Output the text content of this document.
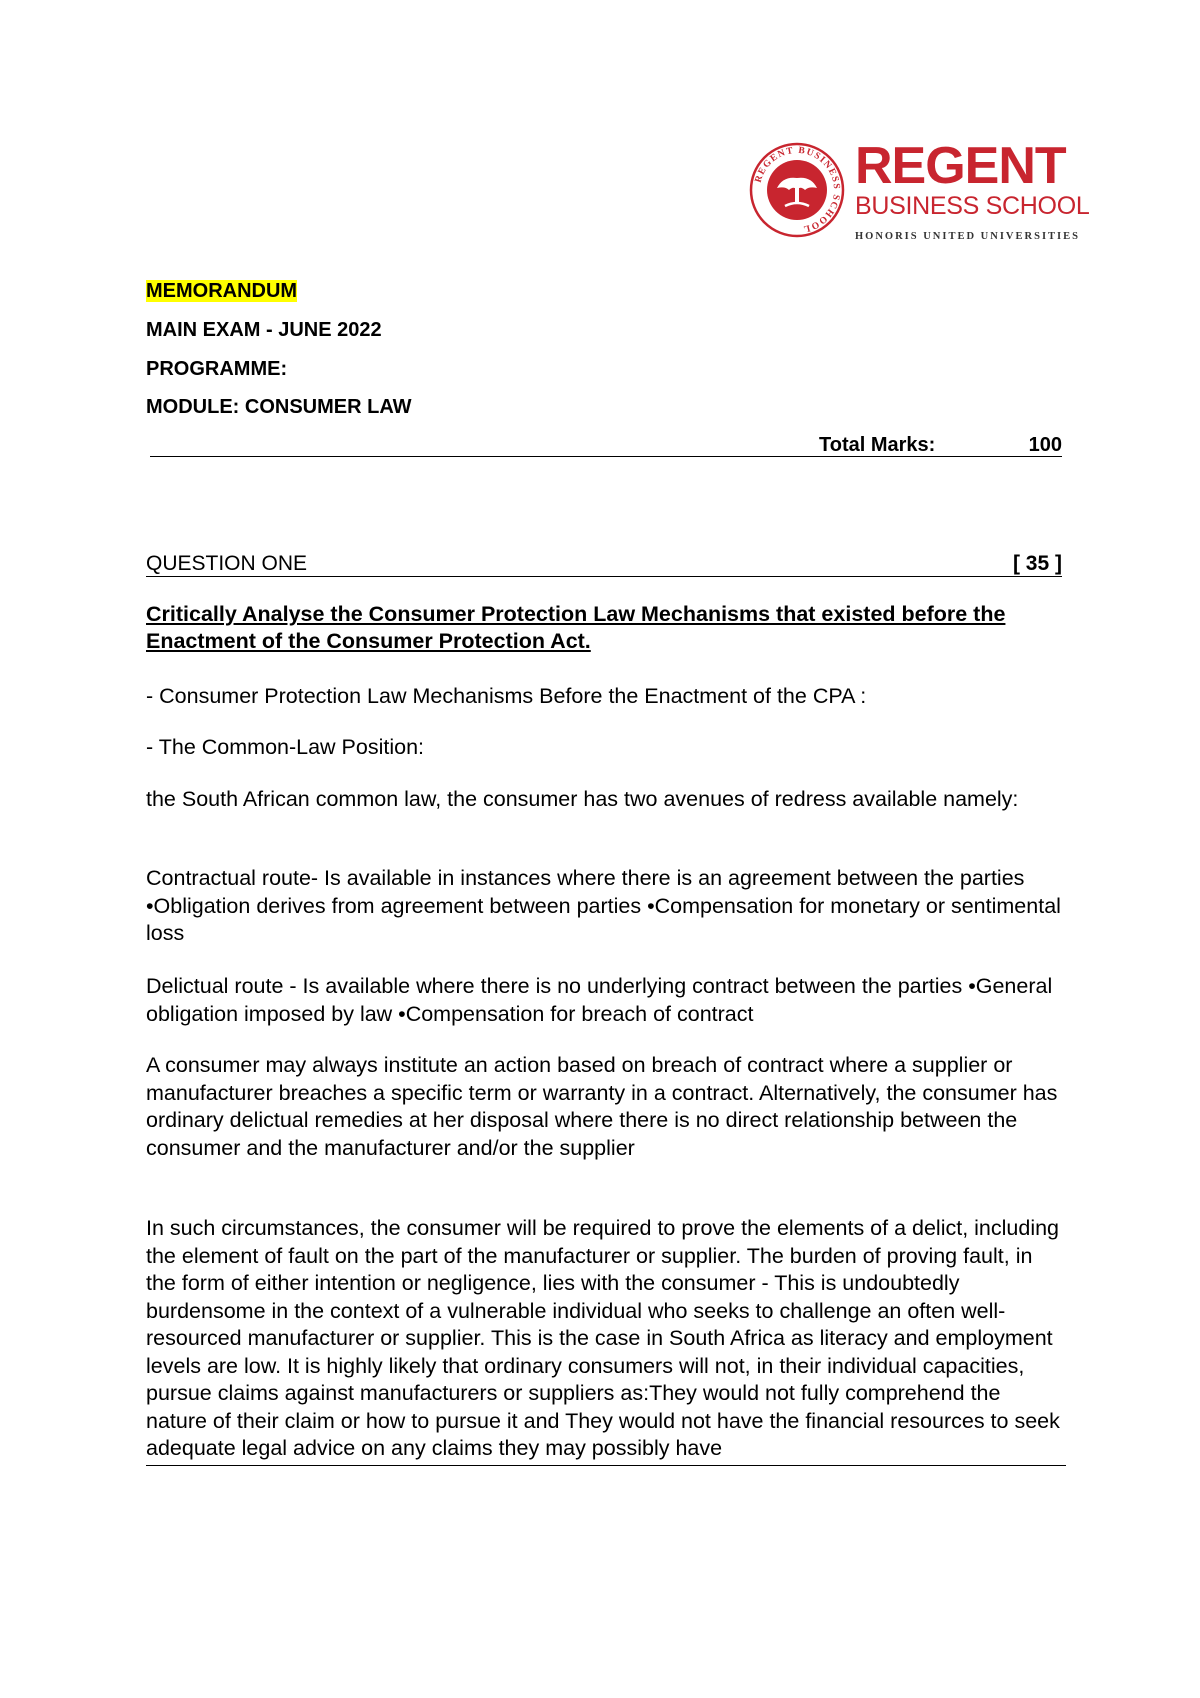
REGENT BUSINESS SCHOOL

REGENT

BUSINESS SCHOOL

HONORIS UNITED UNIVERSITIES

MEMORANDUM
MAIN EXAM - JUNE 2022
PROGRAMME:
MODULE: CONSUMER LAW
Total Marks:	100
QUESTION ONE	[ 35 ]
Critically Analyse the Consumer Protection Law Mechanisms that existed before the Enactment of the Consumer Protection Act.
- Consumer Protection Law Mechanisms Before the Enactment of the CPA :
- The Common-Law Position:
the South African common law, the consumer has two avenues of redress available namely:
Contractual route- Is available in instances where there is an agreement between the parties •Obligation derives from agreement between parties •Compensation for monetary or sentimental loss
Delictual route - Is available where there is no underlying contract between the parties •General obligation imposed by law •Compensation for breach of contract
A consumer may always institute an action based on breach of contract where a supplier or manufacturer breaches a specific term or warranty in a contract. Alternatively, the consumer has ordinary delictual remedies at her disposal where there is no direct relationship between the consumer and the manufacturer and/or the supplier
In such circumstances, the consumer will be required to prove the elements of a delict, including the element of fault on the part of the manufacturer or supplier. The burden of proving fault, in the form of either intention or negligence, lies with the consumer - This is undoubtedly burdensome in the context of a vulnerable individual who seeks to challenge an often well-resourced manufacturer or supplier. This is the case in South Africa as literacy and employment levels are low. It is highly likely that ordinary consumers will not, in their individual capacities, pursue claims against manufacturers or suppliers as:They would not fully comprehend the nature of their claim or how to pursue it and They would not have the financial resources to seek adequate legal advice on any claims they may possibly have
